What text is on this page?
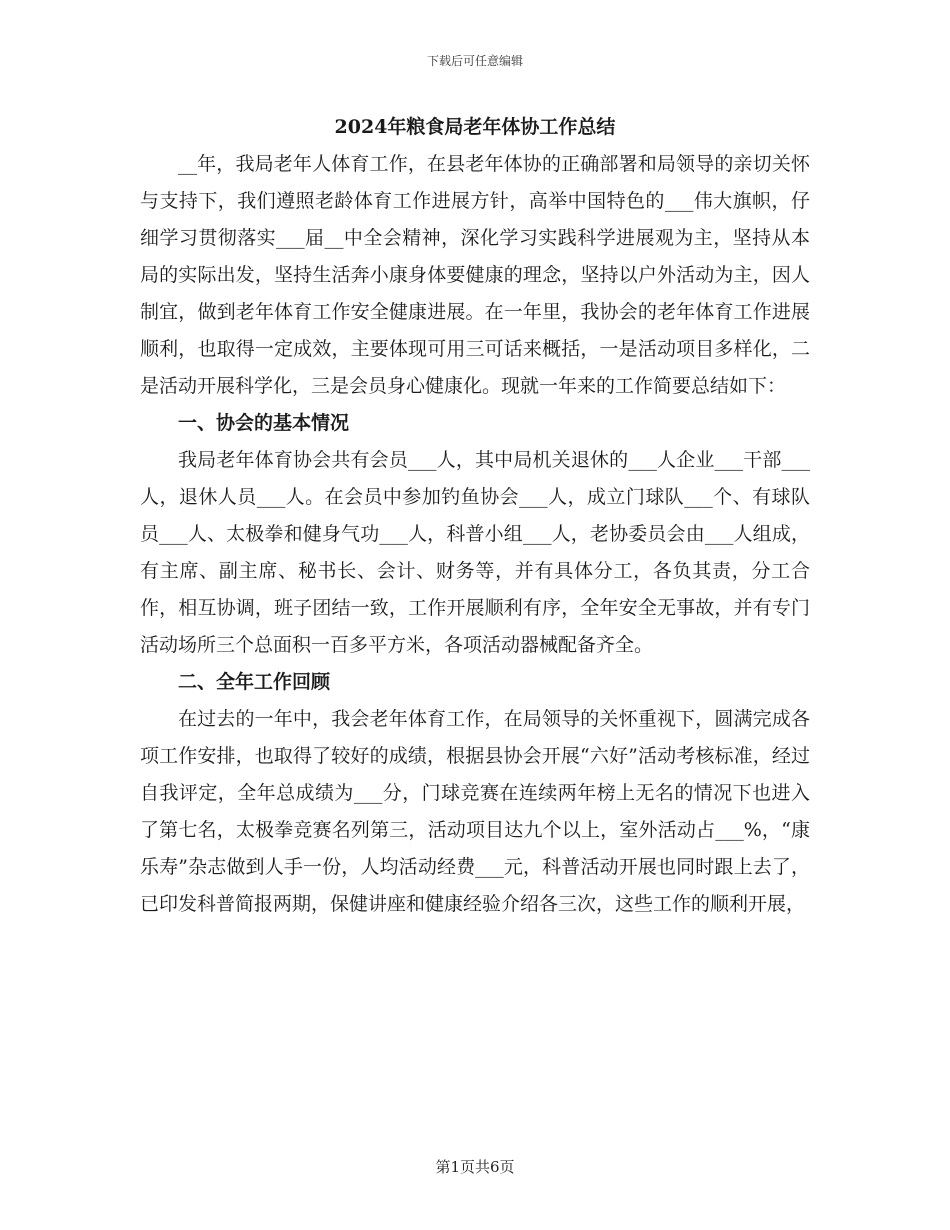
下载后可任意编辑
2024年粮食局老年体协工作总结

__年，我局老年人体育工作，在县老年体协的正确部署和局领导的亲切关怀与支持下，我们遵照老龄体育工作进展方针，高举中国特色的___伟大旗帜，仔细学习贯彻落实___届__中全会精神，深化学习实践科学进展观为主，坚持从本局的实际出发，坚持生活奔小康身体要健康的理念，坚持以户外活动为主，因人制宜，做到老年体育工作安全健康进展。在一年里，我协会的老年体育工作进展顺利，也取得一定成效，主要体现可用三可话来概括，一是活动项目多样化，二是活动开展科学化，三是会员身心健康化。现就一年来的工作简要总结如下：

一、协会的基本情况

我局老年体育协会共有会员___人，其中局机关退休的___人企业___干部___人，退休人员___人。在会员中参加钓鱼协会___人，成立门球队___个、有球队员___人、太极拳和健身气功___人，科普小组___人，老协委员会由___人组成，有主席、副主席、秘书长、会计、财务等，并有具体分工，各负其责，分工合作，相互协调，班子团结一致，工作开展顺利有序，全年安全无事故，并有专门活动场所三个总面积一百多平方米，各项活动器械配备齐全。

二、全年工作回顾

在过去的一年中，我会老年体育工作，在局领导的关怀重视下，圆满完成各项工作安排，也取得了较好的成绩，根据县协会开展“六好”活动考核标准，经过自我评定，全年总成绩为___分，门球竞赛在连续两年榜上无名的情况下也进入了第七名，太极拳竞赛名列第三，活动项目达九个以上，室外活动占___%，“康乐寿”杂志做到人手一份，人均活动经费___元，科普活动开展也同时跟上去了，已印发科普简报两期，保健讲座和健康经验介绍各三次，这些工作的顺利开展，

第1页共6页
